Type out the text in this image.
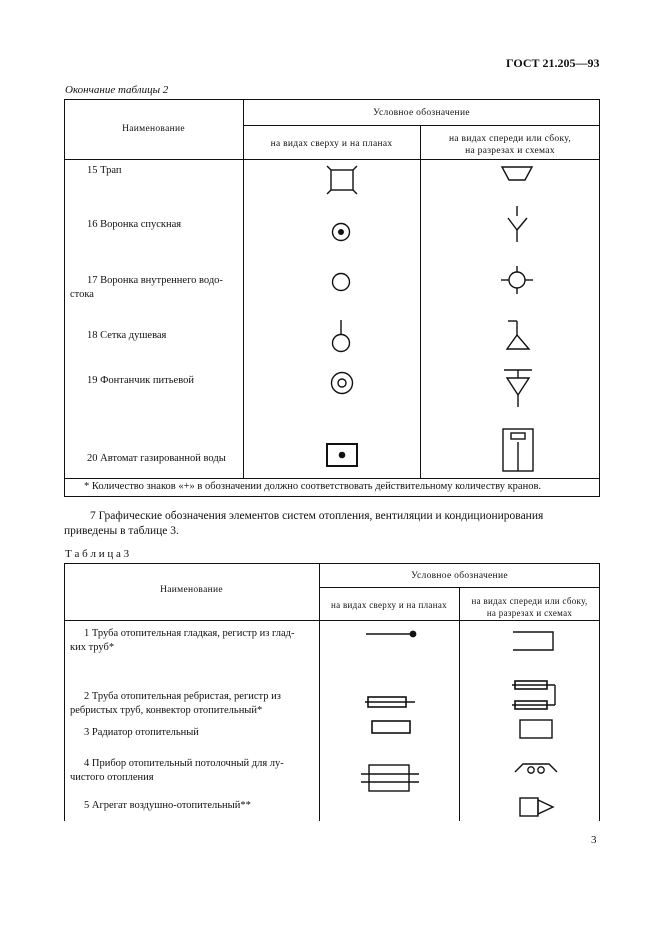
ГОСТ 21.205—93
Окончание таблицы 2
Наименование
Условное обозначение
на видах сверху и на планах	на видах спереди или сбоку,
на разрезах и схемах
15 Трап
16 Воронка спускная
17 Воронка внутреннего водо-
стока
18 Сетка душевая
19 Фонтанчик питьевой
20 Автомат газированной воды
* Количество знаков «+» в обозначении должно соответствовать действительному количеству кранов.
7 Графические обозначения элементов систем отопления, вентиляции и кондиционирования
приведены в таблице 3.
Т а б л и ц а 3
Наименование
Условное обозначение
на видах сверху и на планах	на видах спереди или сбоку,
на разрезах и схемах
1 Труба отопительная гладкая, регистр из глад-
ких труб*
2 Труба отопительная ребристая, регистр из
ребристых труб, конвектор отопительный*
3 Радиатор отопительный
4 Прибор отопительный потолочный для лу-
чистого отопления
5 Агрегат воздушно-отопительный**
3
